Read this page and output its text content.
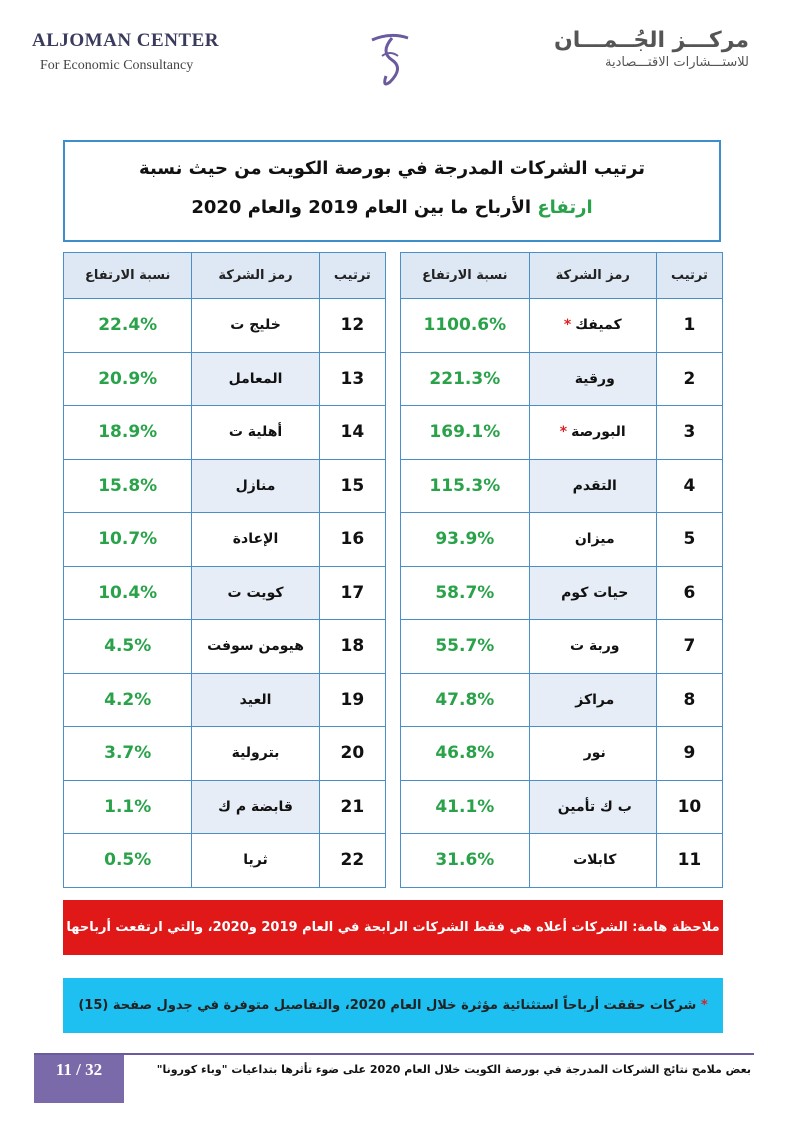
ALJOMAN CENTER
For Economic Consultancy
مركـــز الجُــمـــان
للاستـــشارات الاقتـــصادية
ترتيب الشركات المدرجة في بورصة الكويت من حيث نسبة
ارتفاع الأرباح ما بين العام 2019 والعام 2020
ترتيب	رمز الشركة	نسبة الارتفاع
1	كميفك*	1100.6%
2	ورقية	221.3%
3	البورصة*	169.1%
4	التقدم	115.3%
5	ميزان	93.9%
6	حيات كوم	58.7%
7	وربة ت	55.7%
8	مراكز	47.8%
9	نور	46.8%
10	ب ك تأمين	41.1%
11	كابلات	31.6%
ترتيب	رمز الشركة	نسبة الارتفاع
12	خليج ت	22.4%
13	المعامل	20.9%
14	أهلية ت	18.9%
15	منازل	15.8%
16	الإعادة	10.7%
17	كويت ت	10.4%
18	هيومن سوفت	4.5%
19	العيد	4.2%
20	بترولية	3.7%
21	قابضة م ك	1.1%
22	ثريا	0.5%
ملاحظة هامة: الشركات أعلاه هي فقط الشركات الرابحة في العام 2019 و2020، والتي ارتفعت أرباحها
* شركات حققت أرباحاً استثنائية مؤثرة خلال العام 2020، والتفاصيل متوفرة في جدول صفحة (15)
11 / 32	بعض ملامح نتائج الشركات المدرجة في بورصة الكويت خلال العام 2020 على ضوء تأثرها بتداعيات "وباء كورونا"
